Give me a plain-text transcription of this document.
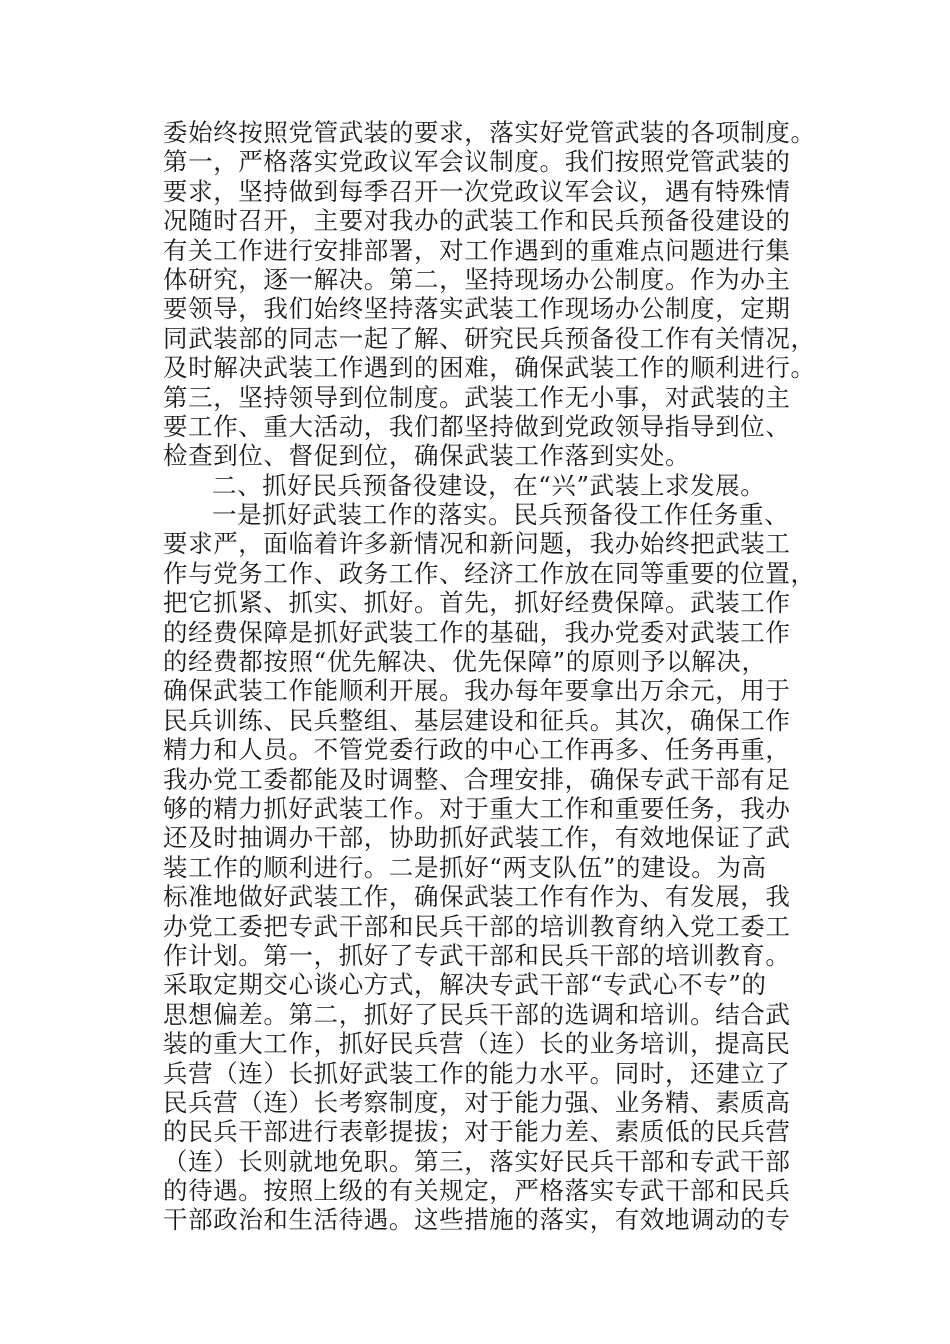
委始终按照党管武装的要求，落实好党管武装的各项制度。
第一，严格落实党政议军会议制度。我们按照党管武装的
要求，坚持做到每季召开一次党政议军会议，遇有特殊情
况随时召开，主要对我办的武装工作和民兵预备役建设的
有关工作进行安排部署，对工作遇到的重难点问题进行集
体研究，逐一解决。第二，坚持现场办公制度。作为办主
要领导，我们始终坚持落实武装工作现场办公制度，定期
同武装部的同志一起了解、研究民兵预备役工作有关情况，
及时解决武装工作遇到的困难，确保武装工作的顺利进行。
第三，坚持领导到位制度。武装工作无小事，对武装的主
要工作、重大活动，我们都坚持做到党政领导指导到位、
检查到位、督促到位，确保武装工作落到实处。
二、抓好民兵预备役建设，在“兴”武装上求发展。
一是抓好武装工作的落实。民兵预备役工作任务重、
要求严，面临着许多新情况和新问题，我办始终把武装工
作与党务工作、政务工作、经济工作放在同等重要的位置，
把它抓紧、抓实、抓好。首先，抓好经费保障。武装工作
的经费保障是抓好武装工作的基础，我办党委对武装工作
的经费都按照“优先解决、优先保障”的原则予以解决，
确保武装工作能顺利开展。我办每年要拿出万余元，用于
民兵训练、民兵整组、基层建设和征兵。其次，确保工作
精力和人员。不管党委行政的中心工作再多、任务再重，
我办党工委都能及时调整、合理安排，确保专武干部有足
够的精力抓好武装工作。对于重大工作和重要任务，我办
还及时抽调办干部，协助抓好武装工作，有效地保证了武
装工作的顺利进行。二是抓好“两支队伍”的建设。为高
标准地做好武装工作，确保武装工作有作为、有发展，我
办党工委把专武干部和民兵干部的培训教育纳入党工委工
作计划。第一，抓好了专武干部和民兵干部的培训教育。
采取定期交心谈心方式，解决专武干部“专武心不专”的
思想偏差。第二，抓好了民兵干部的选调和培训。结合武
装的重大工作，抓好民兵营（连）长的业务培训，提高民
兵营（连）长抓好武装工作的能力水平。同时，还建立了
民兵营（连）长考察制度，对于能力强、业务精、素质高
的民兵干部进行表彰提拔；对于能力差、素质低的民兵营
（连）长则就地免职。第三，落实好民兵干部和专武干部
的待遇。按照上级的有关规定，严格落实专武干部和民兵
干部政治和生活待遇。这些措施的落实，有效地调动的专
